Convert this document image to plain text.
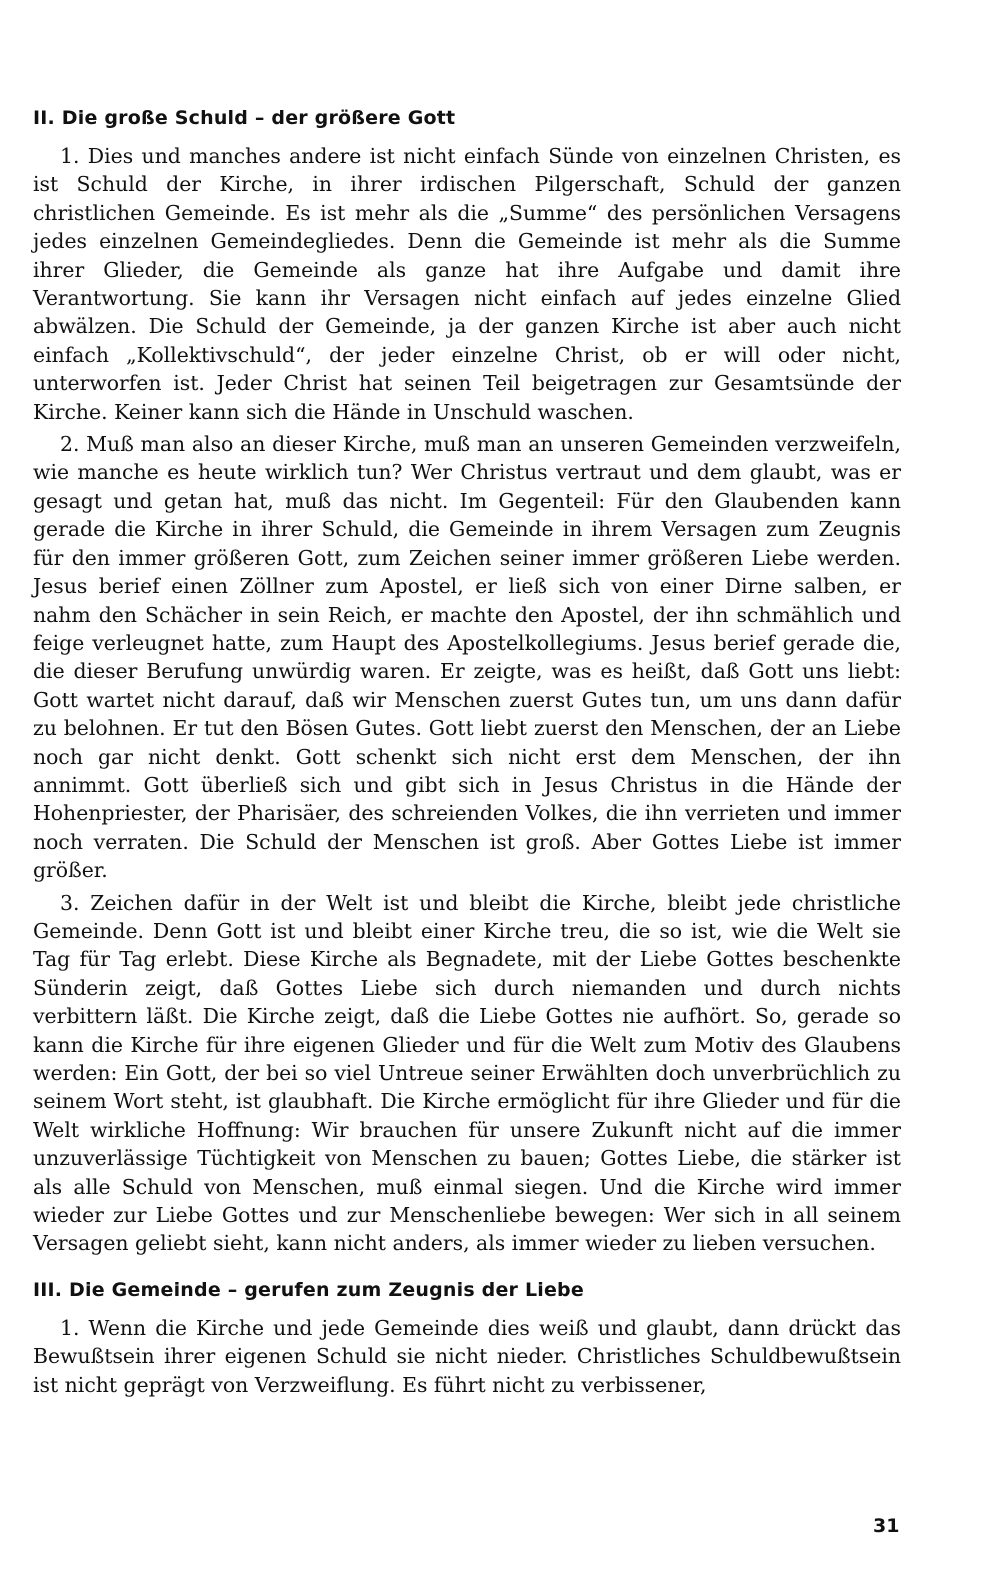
II. Die große Schuld – der größere Gott

1. Dies und manches andere ist nicht einfach Sünde von einzelnen Christen, es ist Schuld der Kirche, in ihrer irdischen Pilgerschaft, Schuld der ganzen christlichen Gemeinde. Es ist mehr als die „Summe“ des persönlichen Versagens jedes einzelnen Gemeindegliedes. Denn die Gemeinde ist mehr als die Summe ihrer Glieder, die Gemeinde als ganze hat ihre Aufgabe und damit ihre Verantwortung. Sie kann ihr Versagen nicht einfach auf jedes einzelne Glied abwälzen. Die Schuld der Gemeinde, ja der ganzen Kirche ist aber auch nicht einfach „Kollektivschuld“, der jeder einzelne Christ, ob er will oder nicht, unterworfen ist. Jeder Christ hat seinen Teil beigetragen zur Gesamtsünde der Kirche. Keiner kann sich die Hände in Unschuld waschen.

2. Muß man also an dieser Kirche, muß man an unseren Gemeinden verzweifeln, wie manche es heute wirklich tun? Wer Christus vertraut und dem glaubt, was er gesagt und getan hat, muß das nicht. Im Gegenteil: Für den Glaubenden kann gerade die Kirche in ihrer Schuld, die Gemeinde in ihrem Versagen zum Zeugnis für den immer größeren Gott, zum Zeichen seiner immer größeren Liebe werden. Jesus berief einen Zöllner zum Apostel, er ließ sich von einer Dirne salben, er nahm den Schächer in sein Reich, er machte den Apostel, der ihn schmählich und feige verleugnet hatte, zum Haupt des Apostelkollegiums. Jesus berief gerade die, die dieser Berufung unwürdig waren. Er zeigte, was es heißt, daß Gott uns liebt: Gott wartet nicht darauf, daß wir Menschen zuerst Gutes tun, um uns dann dafür zu belohnen. Er tut den Bösen Gutes. Gott liebt zuerst den Menschen, der an Liebe noch gar nicht denkt. Gott schenkt sich nicht erst dem Menschen, der ihn annimmt. Gott überließ sich und gibt sich in Jesus Christus in die Hände der Hohenpriester, der Pharisäer, des schreienden Volkes, die ihn verrieten und immer noch verraten. Die Schuld der Menschen ist groß. Aber Gottes Liebe ist immer größer.

3. Zeichen dafür in der Welt ist und bleibt die Kirche, bleibt jede christliche Gemeinde. Denn Gott ist und bleibt einer Kirche treu, die so ist, wie die Welt sie Tag für Tag erlebt. Diese Kirche als Begnadete, mit der Liebe Gottes beschenkte Sünderin zeigt, daß Gottes Liebe sich durch niemanden und durch nichts verbittern läßt. Die Kirche zeigt, daß die Liebe Gottes nie aufhört. So, gerade so kann die Kirche für ihre eigenen Glieder und für die Welt zum Motiv des Glaubens werden: Ein Gott, der bei so viel Untreue seiner Erwählten doch unverbrüchlich zu seinem Wort steht, ist glaubhaft. Die Kirche ermöglicht für ihre Glieder und für die Welt wirkliche Hoffnung: Wir brauchen für unsere Zukunft nicht auf die immer unzuverlässige Tüchtigkeit von Menschen zu bauen; Gottes Liebe, die stärker ist als alle Schuld von Menschen, muß einmal siegen. Und die Kirche wird immer wieder zur Liebe Gottes und zur Menschenliebe bewegen: Wer sich in all seinem Versagen geliebt sieht, kann nicht anders, als immer wieder zu lieben versuchen.

III. Die Gemeinde – gerufen zum Zeugnis der Liebe

1. Wenn die Kirche und jede Gemeinde dies weiß und glaubt, dann drückt das Bewußtsein ihrer eigenen Schuld sie nicht nieder. Christliches Schuldbewußtsein ist nicht geprägt von Verzweiflung. Es führt nicht zu verbissener,

31
